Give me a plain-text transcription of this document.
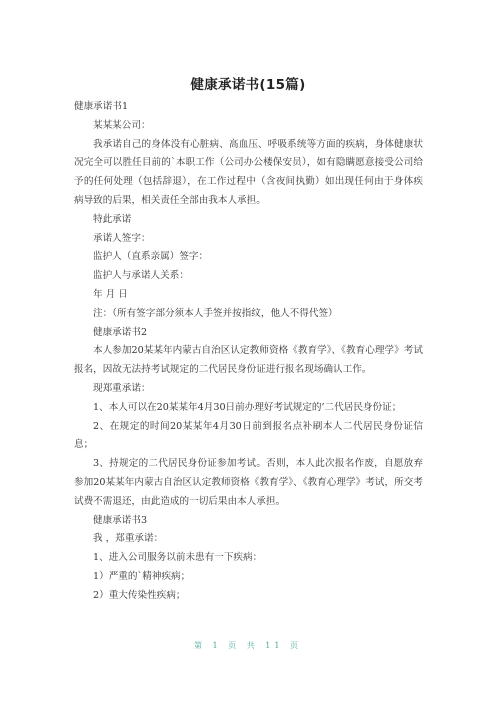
健康承诺书(15篇)

健康承诺书1

某某某公司：

我承诺自己的身体没有心脏病、高血压、呼吸系统等方面的疾病，身体健康状况完全可以胜任目前的`本职工作（公司办公楼保安员），如有隐瞒愿意接受公司给予的任何处理（包括辞退），在工作过程中（含夜间执勤）如出现任何由于身体疾病导致的后果，相关责任全部由我本人承担。

特此承诺

承诺人签字：

监护人（直系亲属）签字：

监护人与承诺人关系：

年 月 日

注：（所有签字部分须本人手签并按指纹，他人不得代签）

健康承诺书2

本人参加20某某年内蒙古自治区认定教师资格《教育学》、《教育心理学》考试报名，因故无法持考试规定的二代居民身份证进行报名现场确认工作。

现郑重承诺：

1、本人可以在20某某年4月30日前办理好考试规定的’二代居民身份证；

2、在规定的时间20某某年4月30日前到报名点补刷本人二代居民身份证信息；

3、持规定的二代居民身份证参加考试。否则，本人此次报名作废，自愿放弃参加20某某年内蒙古自治区认定教师资格《教育学》、《教育心理学》考试，所交考试费不需退还，由此造成的一切后果由本人承担。

健康承诺书3

我 ，郑重承诺：

1、进入公司服务以前未患有一下疾病：

1）严重的`精神疾病；

2）重大传染性疾病；

第 1 页 共 11 页
